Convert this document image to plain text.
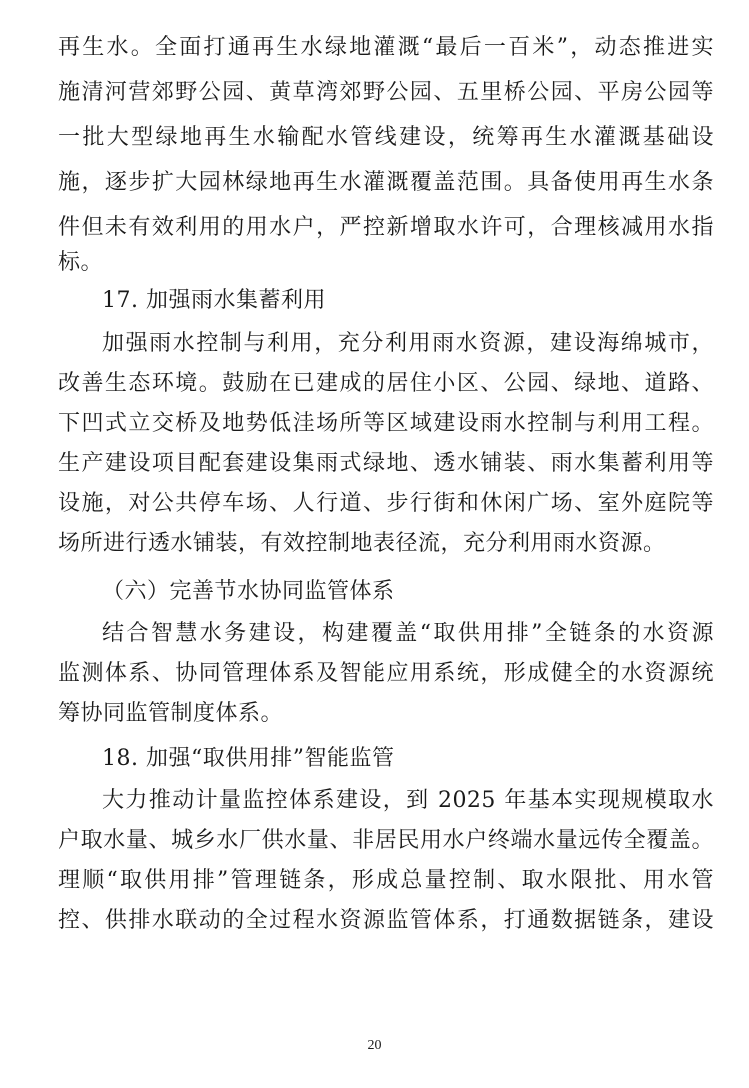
再生水。全面打通再生水绿地灌溉“最后一百米”，动态推进实
施清河营郊野公园、黄草湾郊野公园、五里桥公园、平房公园等
一批大型绿地再生水输配水管线建设，统筹再生水灌溉基础设
施，逐步扩大园林绿地再生水灌溉覆盖范围。具备使用再生水条
件但未有效利用的用水户，严控新增取水许可，合理核减用水指
标。
17. 加强雨水集蓄利用
加强雨水控制与利用，充分利用雨水资源，建设海绵城市，
改善生态环境。鼓励在已建成的居住小区、公园、绿地、道路、
下凹式立交桥及地势低洼场所等区域建设雨水控制与利用工程。
生产建设项目配套建设集雨式绿地、透水铺装、雨水集蓄利用等
设施，对公共停车场、人行道、步行街和休闲广场、室外庭院等
场所进行透水铺装，有效控制地表径流，充分利用雨水资源。
（六）完善节水协同监管体系
结合智慧水务建设，构建覆盖“取供用排”全链条的水资源
监测体系、协同管理体系及智能应用系统，形成健全的水资源统
筹协同监管制度体系。
18. 加强“取供用排”智能监管
大力推动计量监控体系建设，到 2025 年基本实现规模取水
户取水量、城乡水厂供水量、非居民用水户终端水量远传全覆盖。
理顺“取供用排”管理链条，形成总量控制、取水限批、用水管
控、供排水联动的全过程水资源监管体系，打通数据链条，建设
20
